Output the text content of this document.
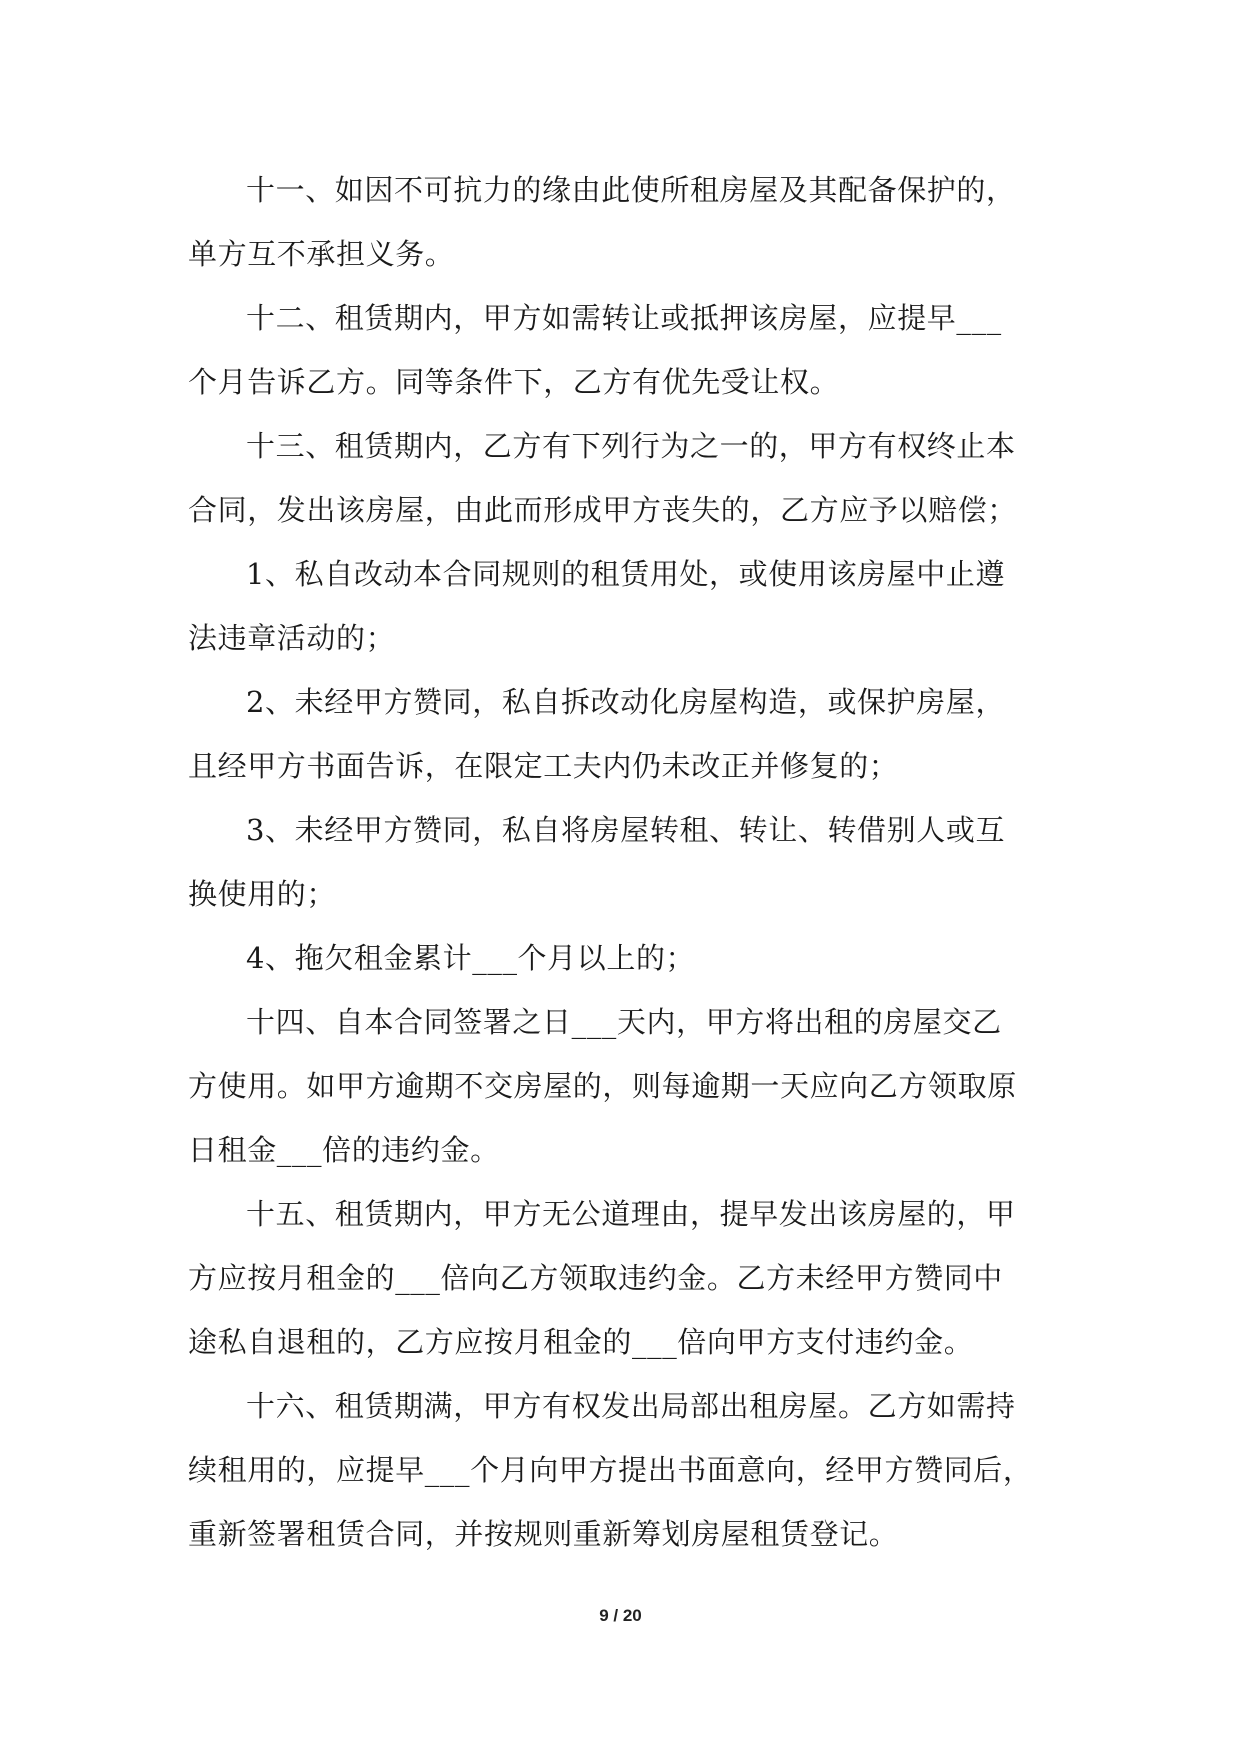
十一、如因不可抗力的缘由此使所租房屋及其配备保护的，
单方互不承担义务。

十二、租赁期内，甲方如需转让或抵押该房屋，应提早___
个月告诉乙方。同等条件下，乙方有优先受让权。

十三、租赁期内，乙方有下列行为之一的，甲方有权终止本
合同，发出该房屋，由此而形成甲方丧失的，乙方应予以赔偿；

1、私自改动本合同规则的租赁用处，或使用该房屋中止遵
法违章活动的；

2、未经甲方赞同，私自拆改动化房屋构造，或保护房屋，
且经甲方书面告诉，在限定工夫内仍未改正并修复的；

3、未经甲方赞同，私自将房屋转租、转让、转借别人或互
换使用的；

4、拖欠租金累计___个月以上的；

十四、自本合同签署之日___天内，甲方将出租的房屋交乙
方使用。如甲方逾期不交房屋的，则每逾期一天应向乙方领取原
日租金___倍的违约金。

十五、租赁期内，甲方无公道理由，提早发出该房屋的，甲
方应按月租金的___倍向乙方领取违约金。乙方未经甲方赞同中
途私自退租的，乙方应按月租金的___倍向甲方支付违约金。

十六、租赁期满，甲方有权发出局部出租房屋。乙方如需持
续租用的，应提早___个月向甲方提出书面意向，经甲方赞同后，
重新签署租赁合同，并按规则重新筹划房屋租赁登记。

9 / 20
